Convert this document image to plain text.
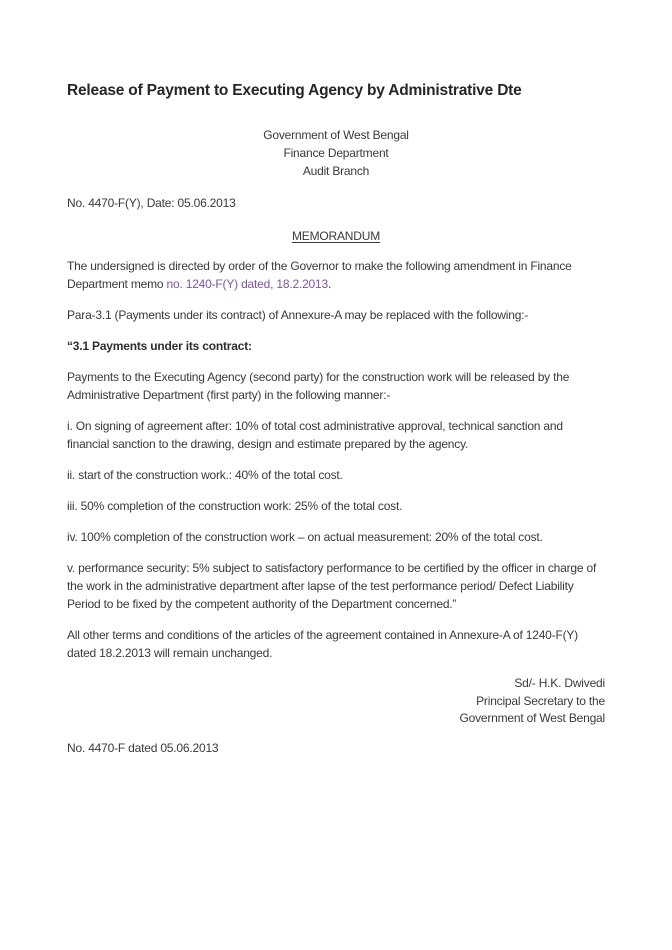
Release of Payment to Executing Agency by Administrative Dte
Government of West Bengal
Finance Department
Audit Branch
No. 4470-F(Y), Date: 05.06.2013
MEMORANDUM

The undersigned is directed by order of the Governor to make the following amendment in Finance Department memo no. 1240-F(Y) dated, 18.2.2013.

Para-3.1 (Payments under its contract) of Annexure-A may be replaced with the following:-

“3.1 Payments under its contract:

Payments to the Executing Agency (second party) for the construction work will be released by the Administrative Department (first party) in the following manner:-

i. On signing of agreement after: 10% of total cost administrative approval, technical sanction and financial sanction to the drawing, design and estimate prepared by the agency.

ii. start of the construction work.: 40% of the total cost.

iii. 50% completion of the construction work: 25% of the total cost.

iv. 100% completion of the construction work – on actual measurement: 20% of the total cost.

v. performance security: 5% subject to satisfactory performance to be certified by the officer in charge of the work in the administrative department after lapse of the test performance period/ Defect Liability Period to be fixed by the competent authority of the Department concerned.”

All other terms and conditions of the articles of the agreement contained in Annexure-A of 1240-F(Y) dated 18.2.2013 will remain unchanged.

Sd/- H.K. Dwivedi
Principal Secretary to the
Government of West Bengal

No. 4470-F dated 05.06.2013
